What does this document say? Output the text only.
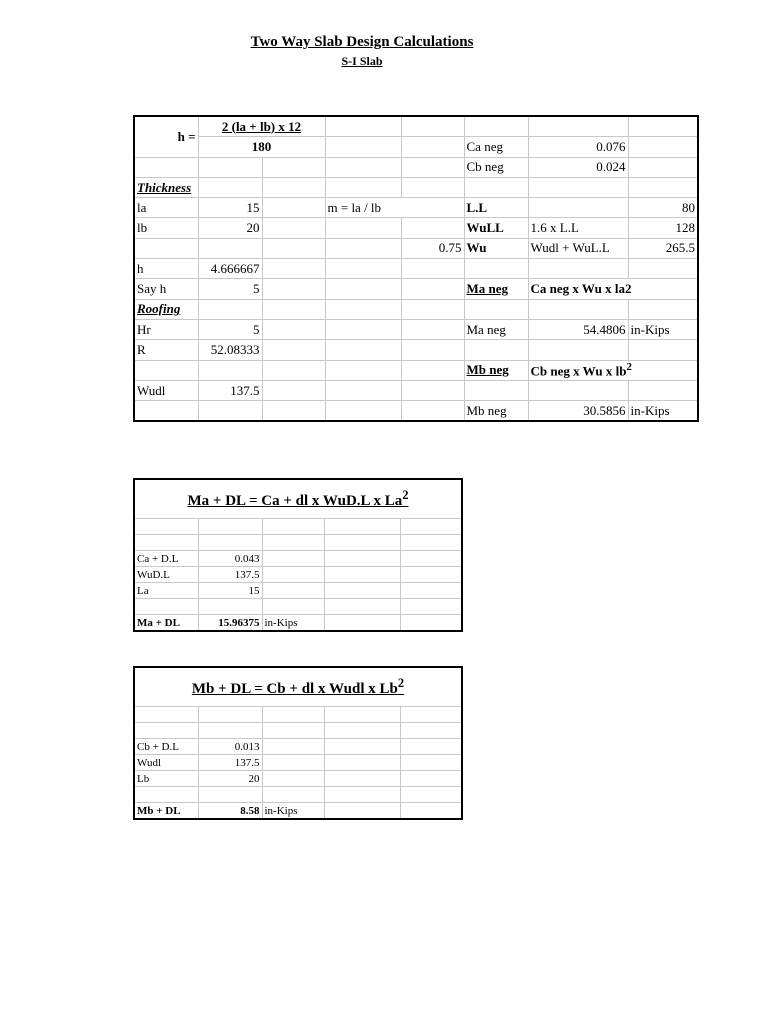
Two Way Slab Design Calculations
S-I Slab
h =	2 (la + lb) x 12						
	180				Ca neg	0.076	
					Cb neg	0.024	
Thickness							
la	15		m = la / lb		L.L		80
lb	20				WuLL	1.6 x L.L	128
				0.75	Wu	Wudl + WuL.L	265.5
h	4.666667						
Say h	5				Ma neg	Ca neg x Wu x la2	
Roofing							
Hr	5				Ma neg	54.4806	in-Kips
R	52.08333						
					Mb neg	Cb neg x Wu x $lb^2$
Wudl	137.5						
					Mb neg	30.5856	in-Kips
Ma + DL = Ca + dl x WuD.L x La$^2$

Ca + D.L	0.043			
WuD.L	137.5			
La	15			

Ma + DL	15.96375	in-Kips		
Mb + DL = Cb + dl x Wudl x Lb$^2$

Cb + D.L	0.013			
Wudl	137.5			
Lb	20			

Mb + DL	8.58	in-Kips		
